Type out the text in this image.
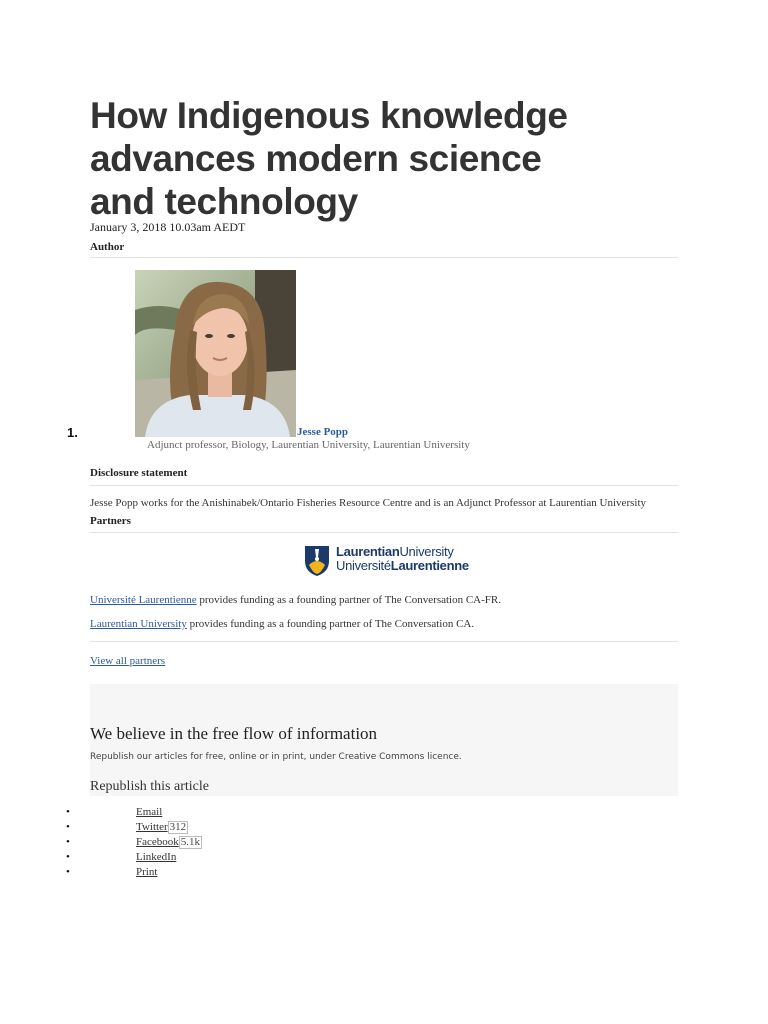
How Indigenous knowledge
advances modern science
and technology
January 3, 2018 10.03am AEDT
Author
1.	Jesse Popp
Adjunct professor, Biology, Laurentian University, Laurentian University
Disclosure statement
Jesse Popp works for the Anishinabek/Ontario Fisheries Resource Centre and is an Adjunct Professor at Laurentian University
Partners
LaurentianUniversity
UniversitéLaurentienne
Université Laurentienne provides funding as a founding partner of The Conversation CA-FR.
Laurentian University provides funding as a founding partner of The Conversation CA.
View all partners
We believe in the free flow of information
Republish our articles for free, online or in print, under Creative Commons licence.
Republish this article
•	Email
•	Twitter 312
•	Facebook 5.1k
•	LinkedIn
•	Print
